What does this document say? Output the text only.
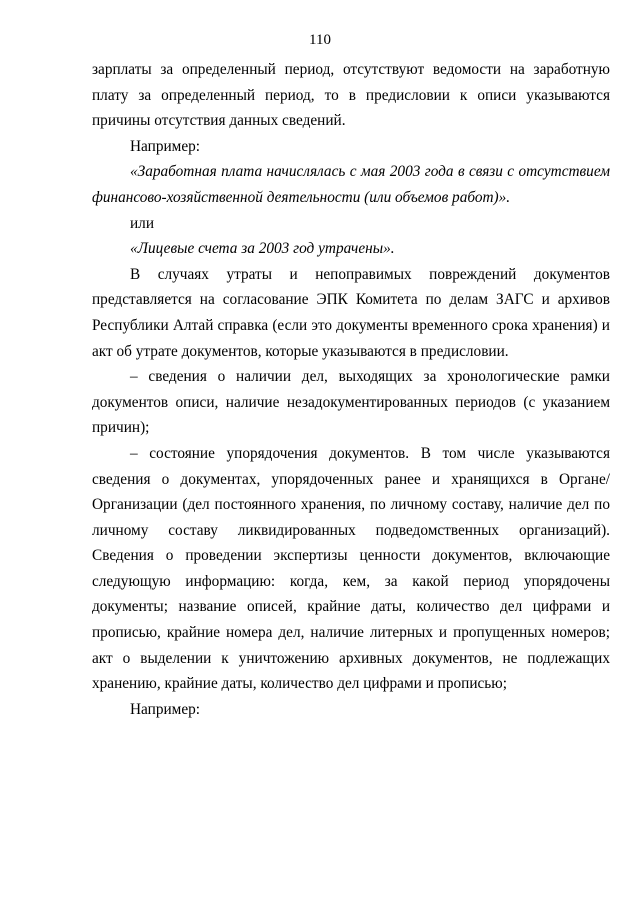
110

зарплаты за определенный период, отсутствуют ведомости на заработную плату за определенный период, то в предисловии к описи указываются причины отсутствия данных сведений.

Например:

«Заработная плата начислялась с мая 2003 года в связи с отсутствием финансово-хозяйственной деятельности (или объемов работ)».

или

«Лицевые счета за 2003 год утрачены».

В случаях утраты и непоправимых повреждений документов представляется на согласование ЭПК Комитета по делам ЗАГС и архивов Республики Алтай справка (если это документы временного срока хранения) и акт об утрате документов, которые указываются в предисловии.

– сведения о наличии дел, выходящих за хронологические рамки документов описи, наличие незадокументированных периодов (с указанием причин);

– состояние упорядочения документов. В том числе указываются сведения о документах, упорядоченных ранее и хранящихся в Органе/Организации (дел постоянного хранения, по личному составу, наличие дел по личному составу ликвидированных подведомственных организаций). Сведения о проведении экспертизы ценности документов, включающие следующую информацию: когда, кем, за какой период упорядочены документы; название описей, крайние даты, количество дел цифрами и прописью, крайние номера дел, наличие литерных и пропущенных номеров; акт о выделении к уничтожению архивных документов, не подлежащих хранению, крайние даты, количество дел цифрами и прописью;

Например:
